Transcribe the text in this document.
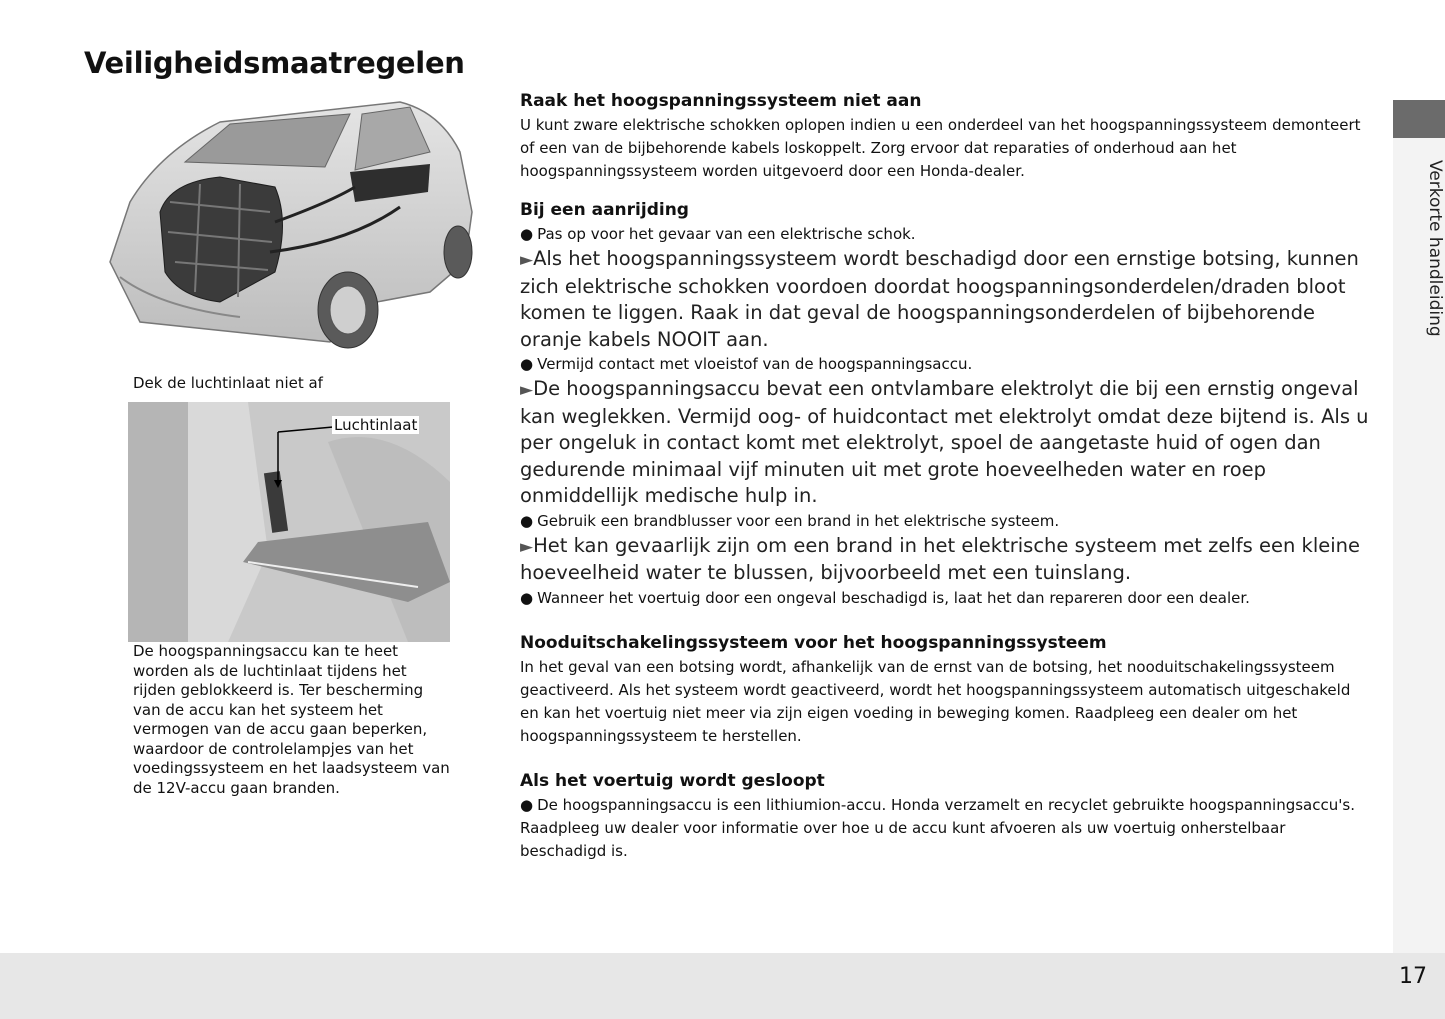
Veiligheidsmaatregelen
Dek de luchtinlaat niet af
Luchtinlaat
De hoogspanningsaccu kan te heet worden als de luchtinlaat tijdens het rijden geblokkeerd is. Ter bescherming van de accu kan het systeem het vermogen van de accu gaan beperken, waardoor de controlelampjes van het voedingssysteem en het laadsysteem van de 12V-accu gaan branden.
Raak het hoogspanningssysteem niet aan

U kunt zware elektrische schokken oplopen indien u een onderdeel van het hoogspanningssysteem demonteert of een van de bijbehorende kabels loskoppelt. Zorg ervoor dat reparaties of onderhoud aan het hoogspanningssysteem worden uitgevoerd door een Honda-dealer.

Bij een aanrijding
● Pas op voor het gevaar van een elektrische schok.
►Als het hoogspanningssysteem wordt beschadigd door een ernstige botsing, kunnen zich elektrische schokken voordoen doordat hoogspanningsonderdelen/draden bloot komen te liggen. Raak in dat geval de hoogspanningsonderdelen of bijbehorende oranje kabels NOOIT aan.
● Vermijd contact met vloeistof van de hoogspanningsaccu.
►De hoogspanningsaccu bevat een ontvlambare elektrolyt die bij een ernstig ongeval kan weglekken. Vermijd oog- of huidcontact met elektrolyt omdat deze bijtend is. Als u per ongeluk in contact komt met elektrolyt, spoel de aangetaste huid of ogen dan gedurende minimaal vijf minuten uit met grote hoeveelheden water en roep onmiddellijk medische hulp in.
● Gebruik een brandblusser voor een brand in het elektrische systeem.
►Het kan gevaarlijk zijn om een brand in het elektrische systeem met zelfs een kleine hoeveelheid water te blussen, bijvoorbeeld met een tuinslang.
● Wanneer het voertuig door een ongeval beschadigd is, laat het dan repareren door een dealer.
Nooduitschakelingssysteem voor het hoogspanningssysteem

In het geval van een botsing wordt, afhankelijk van de ernst van de botsing, het nooduitschakelingssysteem geactiveerd. Als het systeem wordt geactiveerd, wordt het hoogspanningssysteem automatisch uitgeschakeld en kan het voertuig niet meer via zijn eigen voeding in beweging komen. Raadpleeg een dealer om het hoogspanningssysteem te herstellen.

Als het voertuig wordt gesloopt
● De hoogspanningsaccu is een lithiumion-accu. Honda verzamelt en recyclet gebruikte hoogspanningsaccu's. Raadpleeg uw dealer voor informatie over hoe u de accu kunt afvoeren als uw voertuig onherstelbaar beschadigd is.
Verkorte handleiding
17
